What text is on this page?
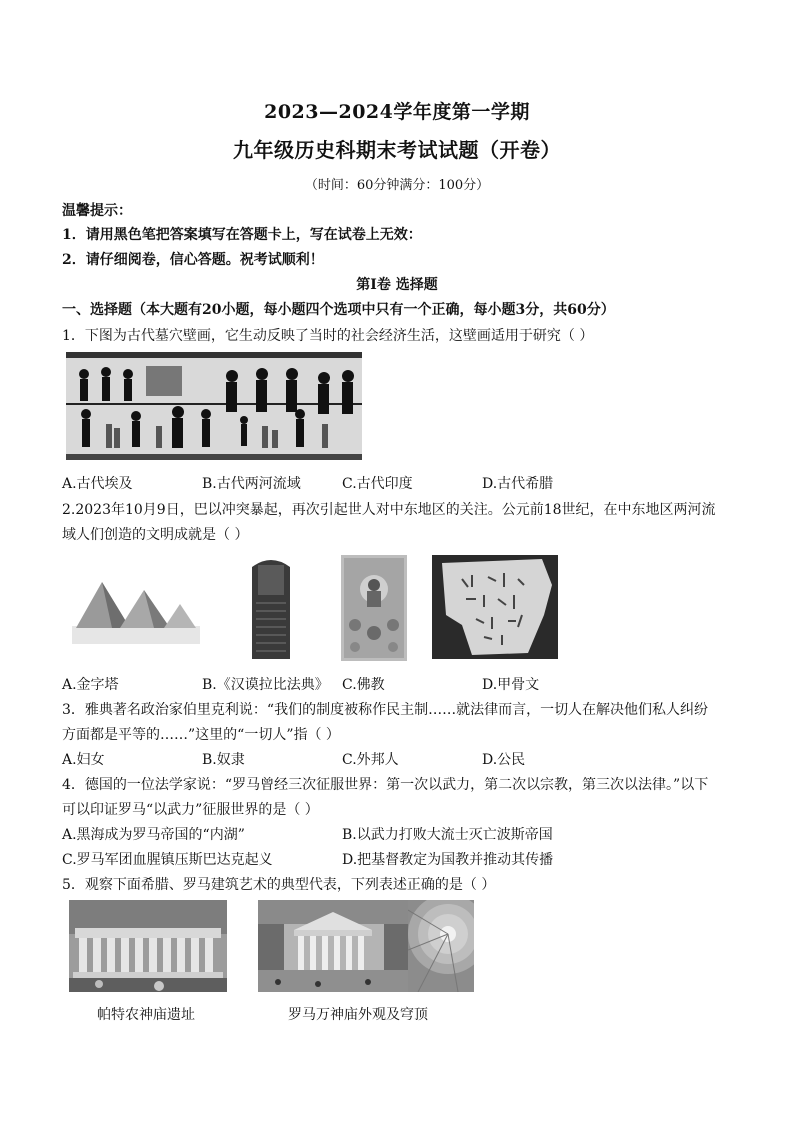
2023—2024学年度第一学期
九年级历史科期末考试试题（开卷）
（时间：60分钟满分：100分）
温馨提示：
1．请用黑色笔把答案填写在答题卡上，写在试卷上无效：
2．请仔细阅卷，信心答题。祝考试顺利！
第Ⅰ卷 选择题
一、选择题（本大题有20小题，每小题四个选项中只有一个正确，每小题3分，共60分）
1．下图为古代墓穴壁画，它生动反映了当时的社会经济生活，这壁画适用于研究（ ）
A.古代埃及	B.古代两河流域	C.古代印度	D.古代希腊
2.2023年10月9日，巴以冲突暴起，再次引起世人对中东地区的关注。公元前18世纪，在中东地区两河流
域人们创造的文明成就是（ ）
A.金字塔	B.《汉谟拉比法典》 C.佛教	D.甲骨文
3．雅典著名政治家伯里克利说：“我们的制度被称作民主制……就法律而言，一切人在解决他们私人纠纷
方面都是平等的……”这里的“一切人”指（ ）
A.妇女	B.奴隶	C.外邦人	D.公民
4．德国的一位法学家说：“罗马曾经三次征服世界：第一次以武力，第二次以宗教，第三次以法律。”以下
可以印证罗马“以武力”征服世界的是（ ）
A.黑海成为罗马帝国的“内湖”	B.以武力打败大流士灭亡波斯帝国
C.罗马军团血腥镇压斯巴达克起义	D.把基督教定为国教并推动其传播
5．观察下面希腊、罗马建筑艺术的典型代表，下列表述正确的是（ ）
帕特农神庙遗址	罗马万神庙外观及穹顶
